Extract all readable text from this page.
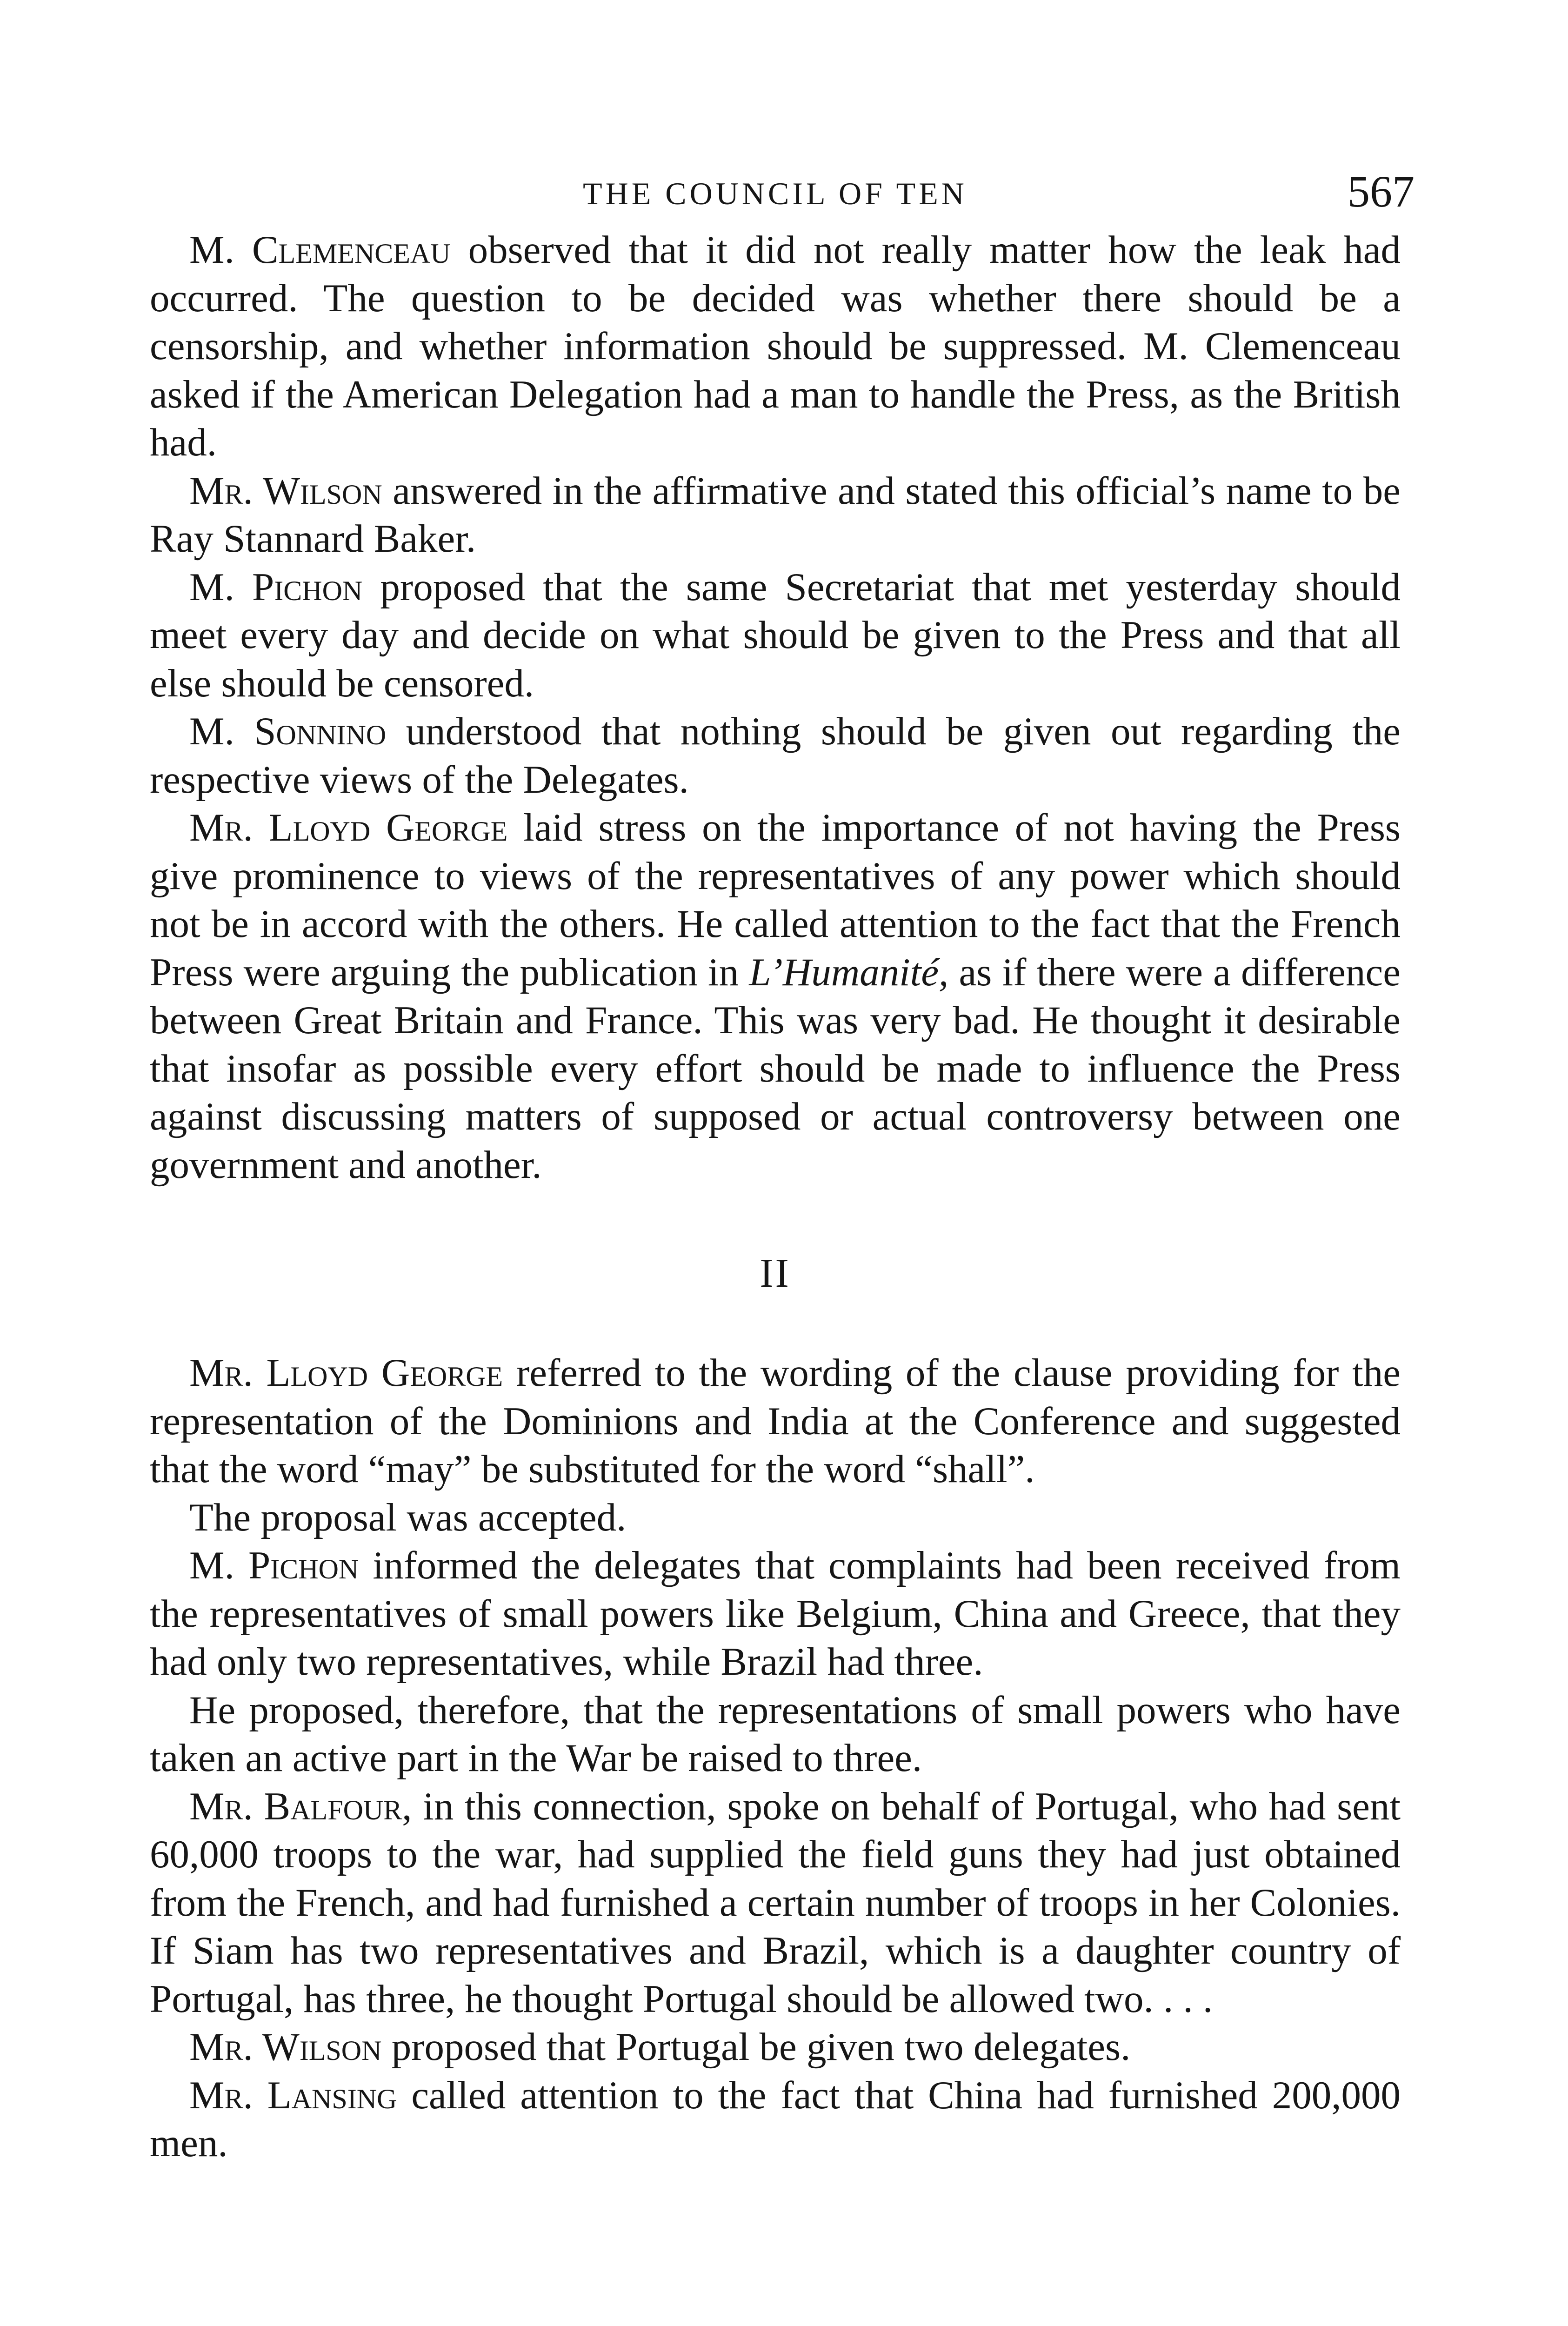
THE COUNCIL OF TEN	567

M. Clemenceau observed that it did not really matter how the leak had occurred. The question to be decided was whether there should be a censorship, and whether information should be suppressed. M. Clemenceau asked if the American Delegation had a man to handle the Press, as the British had.

Mr. Wilson answered in the affirmative and stated this official’s name to be Ray Stannard Baker.

M. Pichon proposed that the same Secretariat that met yesterday should meet every day and decide on what should be given to the Press and that all else should be censored.

M. Sonnino understood that nothing should be given out regarding the respective views of the Delegates.

Mr. Lloyd George laid stress on the importance of not having the Press give prominence to views of the representatives of any power which should not be in accord with the others. He called attention to the fact that the French Press were arguing the publication in L’Humanité, as if there were a difference between Great Britain and France. This was very bad. He thought it desirable that insofar as possible every effort should be made to influence the Press against discussing matters of supposed or actual controversy between one government and another.

II

Mr. Lloyd George referred to the wording of the clause providing for the representation of the Dominions and India at the Conference and suggested that the word “may” be substituted for the word “shall”.

The proposal was accepted.

M. Pichon informed the delegates that complaints had been received from the representatives of small powers like Belgium, China and Greece, that they had only two representatives, while Brazil had three.

He proposed, therefore, that the representations of small powers who have taken an active part in the War be raised to three.

Mr. Balfour, in this connection, spoke on behalf of Portugal, who had sent 60,000 troops to the war, had supplied the field guns they had just obtained from the French, and had furnished a certain number of troops in her Colonies. If Siam has two representatives and Brazil, which is a daughter country of Portugal, has three, he thought Portugal should be allowed two. . . .

Mr. Wilson proposed that Portugal be given two delegates.

Mr. Lansing called attention to the fact that China had furnished 200,000 men.
